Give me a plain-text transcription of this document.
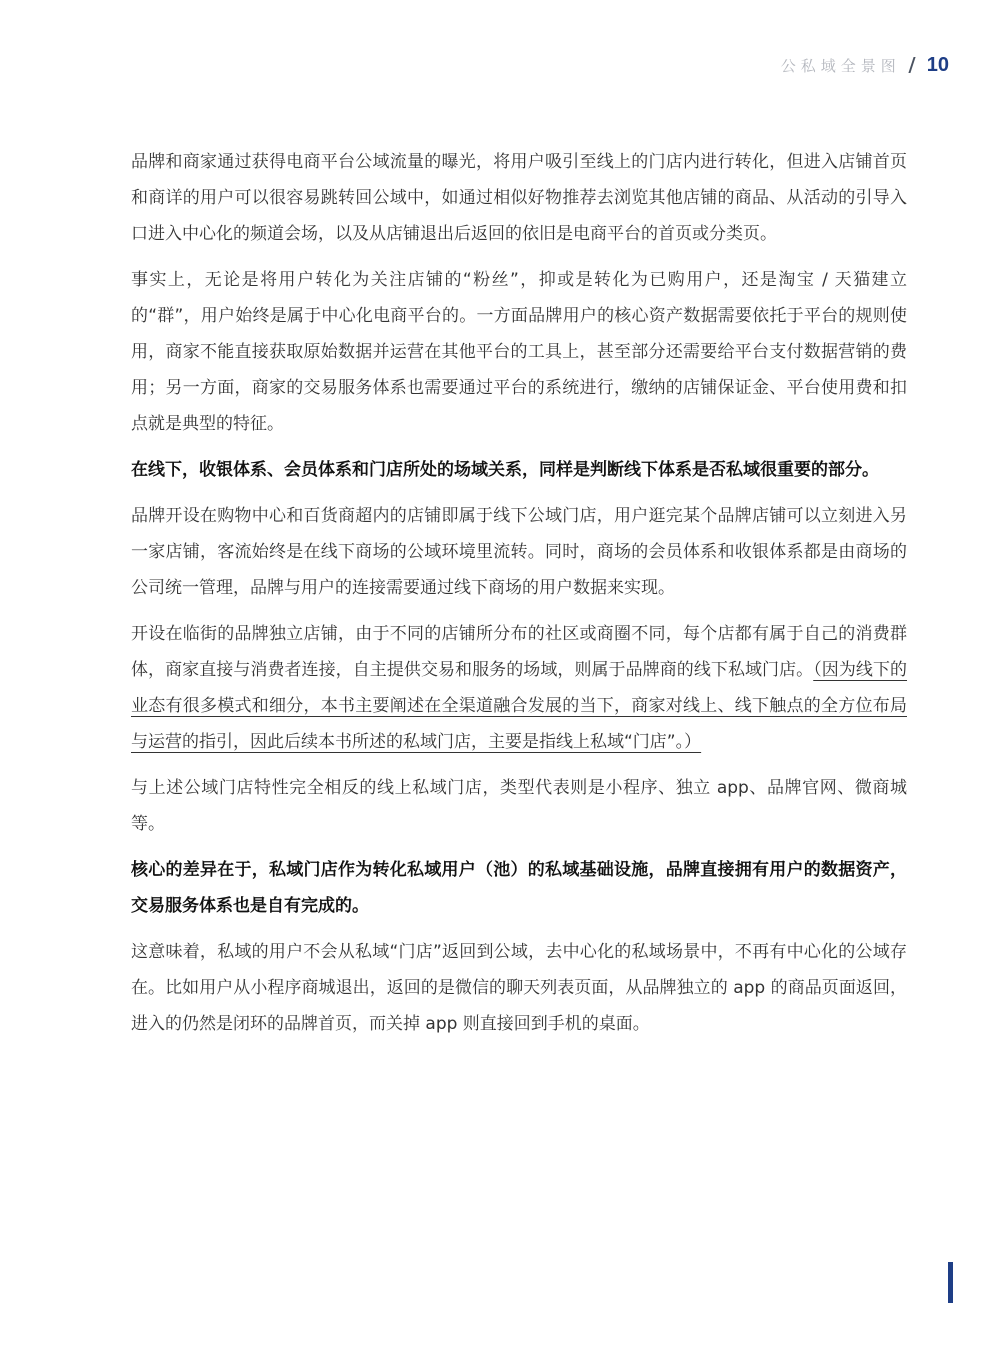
公私域全景图 10

品牌和商家通过获得电商平台公域流量的曝光，将用户吸引至线上的门店内进行转化，但进入店铺首页和商详的用户可以很容易跳转回公域中，如通过相似好物推荐去浏览其他店铺的商品、从活动的引导入口进入中心化的频道会场，以及从店铺退出后返回的依旧是电商平台的首页或分类页。

事实上，无论是将用户转化为关注店铺的“粉丝”，抑或是转化为已购用户，还是淘宝 / 天猫建立的“群”，用户始终是属于中心化电商平台的。一方面品牌用户的核心资产数据需要依托于平台的规则使用，商家不能直接获取原始数据并运营在其他平台的工具上，甚至部分还需要给平台支付数据营销的费用；另一方面，商家的交易服务体系也需要通过平台的系统进行，缴纳的店铺保证金、平台使用费和扣点就是典型的特征。

在线下，收银体系、会员体系和门店所处的场域关系，同样是判断线下体系是否私域很重要的部分。

品牌开设在购物中心和百货商超内的店铺即属于线下公域门店，用户逛完某个品牌店铺可以立刻进入另一家店铺，客流始终是在线下商场的公域环境里流转。同时，商场的会员体系和收银体系都是由商场的公司统一管理，品牌与用户的连接需要通过线下商场的用户数据来实现。

开设在临街的品牌独立店铺，由于不同的店铺所分布的社区或商圈不同，每个店都有属于自己的消费群体，商家直接与消费者连接，自主提供交易和服务的场域，则属于品牌商的线下私域门店。（因为线下的业态有很多模式和细分，本书主要阐述在全渠道融合发展的当下，商家对线上、线下触点的全方位布局与运营的指引，因此后续本书所述的私域门店，主要是指线上私域“门店”。）

与上述公域门店特性完全相反的线上私域门店，类型代表则是小程序、独立 app、品牌官网、微商城等。

核心的差异在于，私域门店作为转化私域用户（池）的私域基础设施，品牌直接拥有用户的数据资产，交易服务体系也是自有完成的。

这意味着，私域的用户不会从私域“门店”返回到公域，去中心化的私域场景中，不再有中心化的公域存在。比如用户从小程序商城退出，返回的是微信的聊天列表页面，从品牌独立的 app 的商品页面返回，进入的仍然是闭环的品牌首页，而关掉 app 则直接回到手机的桌面。
